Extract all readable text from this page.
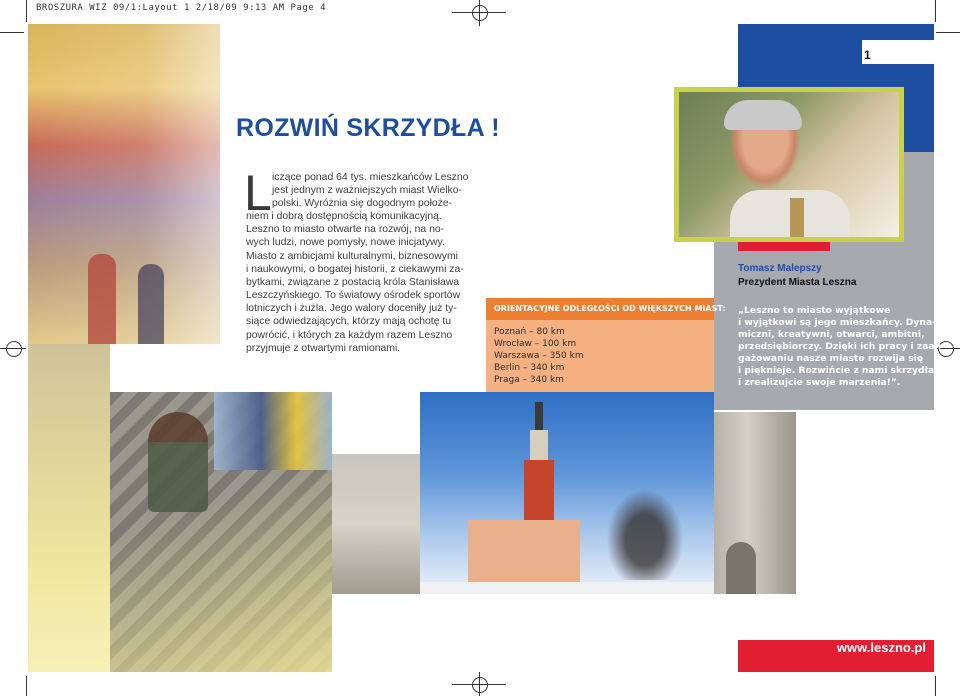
BROSZURA WIZ 09/1:Layout 1 2/18/09 9:13 AM Page 4
1
Tomasz Malepszy
Prezydent Miasta Leszna
„Leszno to miasto wyjątkowe
i wyjątkowi są jego mieszkańcy. Dyna-
miczni, kreatywni, otwarci, ambitni,
przedsiębiorczy. Dzięki ich pracy i zaan-
gażowaniu nasze miasto rozwija się
i pięknieje. Rozwińcie z nami skrzydła
i zrealizujcie swoje marzenia!”.
www.leszno.pl
ROZWIŃ SKRZYDŁA !
L iczące ponad 64 tys. mieszkańców Leszno
jest jednym z ważniejszych miast Wielko-
polski. Wyróżnia się dogodnym położe-
niem i dobrą dostępnością komunikacyjną.
Leszno to miasto otwarte na rozwój, na no-
wych ludzi, nowe pomysły, nowe inicjatywy.
Miasto z ambicjami kulturalnymi, biznesowymi
i naukowymi, o bogatej historii, z ciekawymi za-
bytkami, związane z postacią króla Stanisława
Leszczyńskiego. To światowy ośrodek sportów
lotniczych i żużla. Jego walory doceniły już ty-
siące odwiedzających, którzy mają ochotę tu
powrócić, i których za każdym razem Leszno
przyjmuje z otwartymi ramionami.
ORIENTACYJNE ODLEGŁOŚCI OD WIĘKSZYCH MIAST:
Poznań – 80 km
Wrocław – 100 km
Warszawa – 350 km
Berlin – 340 km
Praga – 340 km
